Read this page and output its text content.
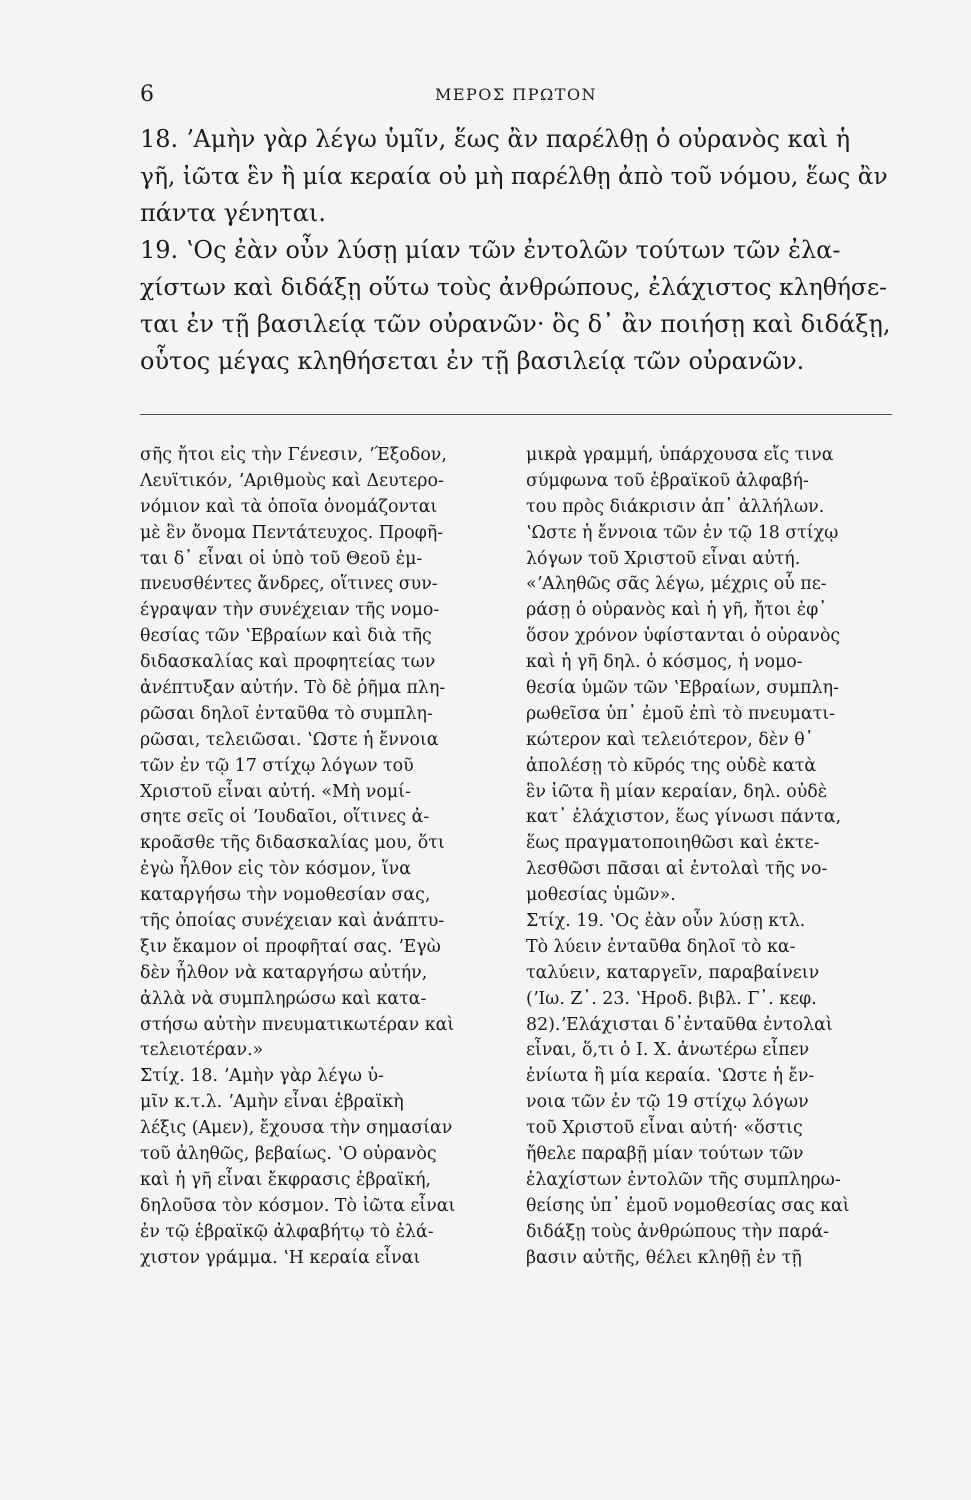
6	ΜΕΡΟΣ ΠΡΩΤΟΝ
18. ʼΑμὴν γὰρ λέγω ὑμῖν, ἕως ἂν παρέλθῃ ὁ οὐρανὸς καὶ ἡ
γῆ, ἰῶτα ἓν ἢ μία κεραία οὐ μὴ παρέλθῃ ἀπὸ τοῦ νόμου, ἕως ἂν
πάντα γένηται.
19. ʽΟς ἐὰν οὖν λύσῃ μίαν τῶν ἐντολῶν τούτων τῶν ἐλα-
χίστων καὶ διδάξῃ οὕτω τοὺς ἀνθρώπους, ἐλάχιστος κληθήσε-
ται ἐν τῇ βασιλείᾳ τῶν οὐρανῶν· ὃς δ᾽ ἂν ποιήσῃ καὶ διδάξῃ,
οὗτος μέγας κληθήσεται ἐν τῇ βασιλείᾳ τῶν οὐρανῶν.
σῆς ἤτοι εἰς τὴν Γένεσιν, ʼΈξοδον,
Λευϊτικόν, ʼΑριθμοὺς καὶ Δευτερο-
νόμιον καὶ τὰ ὁποῖα ὀνομάζονται
μὲ ἓν ὄνομα Πεντάτευχος. Προφῆ-
ται δ᾽ εἶναι οἱ ὑπὸ τοῦ Θεοῦ ἐμ-
πνευσθέντες ἄνδρες, οἵτινες συν-
έγραψαν τὴν συνέχειαν τῆς νομο-
θεσίας τῶν ʽΕβραίων καὶ διὰ τῆς
διδασκαλίας καὶ προφητείας των
ἀνέπτυξαν αὐτήν. Τὸ δὲ ῥῆμα πλη-
ρῶσαι δηλοῖ ἐνταῦθα τὸ συμπλη-
ρῶσαι, τελειῶσαι. ʽΩστε ἡ ἔννοια
τῶν ἐν τῷ 17 στίχῳ λόγων τοῦ
Χριστοῦ εἶναι αὐτή. «Μὴ νομί-
σητε σεῖς οἱ ʼΙουδαῖοι, οἵτινες ἀ-
κροᾶσθε τῆς διδασκαλίας μου, ὅτι
ἐγὼ ἦλθον εἰς τὸν κόσμον, ἵνα
καταργήσω τὴν νομοθεσίαν σας,
τῆς ὁποίας συνέχειαν καὶ ἀνάπτυ-
ξιν ἔκαμον οἱ προφῆταί σας. ʼΕγὼ
δὲν ἦλθον νὰ καταργήσω αὐτήν,
ἀλλὰ νὰ συμπληρώσω καὶ κατα-
στήσω αὐτὴν πνευματικωτέραν καὶ
τελειοτέραν.»
Στίχ. 18. ʼΑμὴν γὰρ λέγω ὑ-
μῖν κ.τ.λ. ʼΑμὴν εἶναι ἑβραϊκὴ
λέξις (Αμεν), ἔχουσα τὴν σημασίαν
τοῦ ἀληθῶς, βεβαίως. ʽΟ οὐρανὸς
καὶ ἡ γῆ εἶναι ἔκφρασις ἑβραϊκή,
δηλοῦσα τὸν κόσμον. Τὸ ἰῶτα εἶναι
ἐν τῷ ἑβραϊκῷ ἀλφαβήτῳ τὸ ἐλά-
χιστον γράμμα. ʽΗ κεραία εἶναι
μικρὰ γραμμή, ὑπάρχουσα εἴς τινα
σύμφωνα τοῦ ἑβραϊκοῦ ἀλφαβή-
του πρὸς διάκρισιν ἀπ᾽ ἀλλήλων.
ʽΩστε ἡ ἔννοια τῶν ἐν τῷ 18 στίχῳ
λόγων τοῦ Χριστοῦ εἶναι αὐτή.
«ʼΑληθῶς σᾶς λέγω, μέχρις οὗ πε-
ράσῃ ὁ οὐρανὸς καὶ ἡ γῆ, ἤτοι ἐφ᾽
ὅσον χρόνον ὑφίστανται ὁ οὐρανὸς
καὶ ἡ γῆ δηλ. ὁ κόσμος, ἡ νομο-
θεσία ὑμῶν τῶν ʽΕβραίων, συμπλη-
ρωθεῖσα ὑπ᾽ ἐμοῦ ἐπὶ τὸ πνευματι-
κώτερον καὶ τελειότερον, δὲν θ᾽
ἀπολέσῃ τὸ κῦρός της οὐδὲ κατὰ
ἓν ἰῶτα ἢ μίαν κεραίαν, δηλ. οὐδὲ
κατ᾽ ἐλάχιστον, ἕως γίνωσι πάντα,
ἕως πραγματοποιηθῶσι καὶ ἐκτε-
λεσθῶσι πᾶσαι αἱ ἐντολαὶ τῆς νο-
μοθεσίας ὑμῶν».
Στίχ. 19. ʽΟς ἐὰν οὖν λύσῃ κτλ.
Τὸ λύειν ἐνταῦθα δηλοῖ τὸ κα-
ταλύειν, καταργεῖν, παραβαίνειν
(ʼΙω. Ζ᾽. 23. ʽΗροδ. βιβλ. Γ᾽. κεφ.
82).ʼΕλάχισται δ᾽ἐνταῦθα ἐντολαὶ
εἶναι, ὅ,τι ὁ Ι. Χ. ἀνωτέρω εἶπεν
ἐνίωτα ἢ μία κεραία. ʽΩστε ἡ ἔν-
νοια τῶν ἐν τῷ 19 στίχῳ λόγων
τοῦ Χριστοῦ εἶναι αὐτή· «ὅστις
ἤθελε παραβῇ μίαν τούτων τῶν
ἐλαχίστων ἐντολῶν τῆς συμπληρω-
θείσης ὑπ᾽ ἐμοῦ νομοθεσίας σας καὶ
διδάξῃ τοὺς ἀνθρώπους τὴν παρά-
βασιν αὐτῆς, θέλει κληθῇ ἐν τῇ
